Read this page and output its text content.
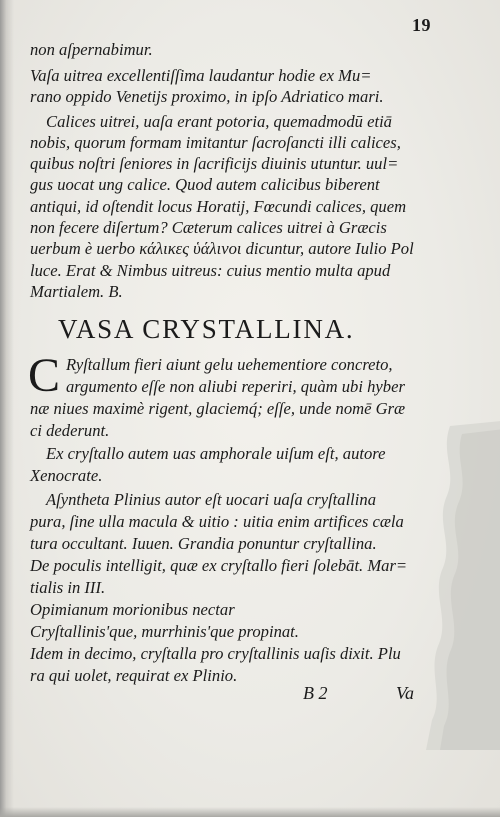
19
non aſpernabimur.
Vaſa uitrea excellentiſſima laudantur hodie ex Mu=
rano oppido Venetijs proximo, in ipſo Adriatico mari.
Calices uitrei, uaſa erant potoria, quemadmodū etiā
nobis, quorum formam imitantur ſacroſancti illi calices,
quibus noſtri ſeniores in ſacrificijs diuinis utuntur. uul=
gus uocat ung calice. Quod autem calicibus biberent
antiqui, id oſtendit locus Horatij, Fœcundi calices, quem
non fecere diſertum? Cæterum calices uitrei à Græcis
uerbum è uerbo κάλικες ὑάλινοι dicuntur, autore Iulio Pol
luce. Erat & Nimbus uitreus: cuius mentio multa apud
Martialem. B.
VASA CRYSTALLINA.
C Ryſtallum fieri aiunt gelu uehementiore concreto,
argumento eſſe non aliubi reperiri, quàm ubi hyber
næ niues maximè rigent, glaciemq́; eſſe, unde nomē Græ
ci dederunt.
Ex cryſtallo autem uas amphorale uiſum eſt, autore
Xenocrate.
Aſyntheta Plinius autor eſt uocari uaſa cryſtallina
pura, ſine ulla macula & uitio : uitia enim artifices cæla
tura occultant. Iuuen. Grandia ponuntur cryſtallina.
De poculis intelligit, quæ ex cryſtallo fieri ſolebāt. Mar=
tialis in III.
Opimianum morionibus nectar
Cryſtallinis'que, murrhinis'que propinat.
Idem in decimo, cryſtalla pro cryſtallinis uaſis dixit. Plu
ra qui uolet, requirat ex Plinio.
B 2	Va
